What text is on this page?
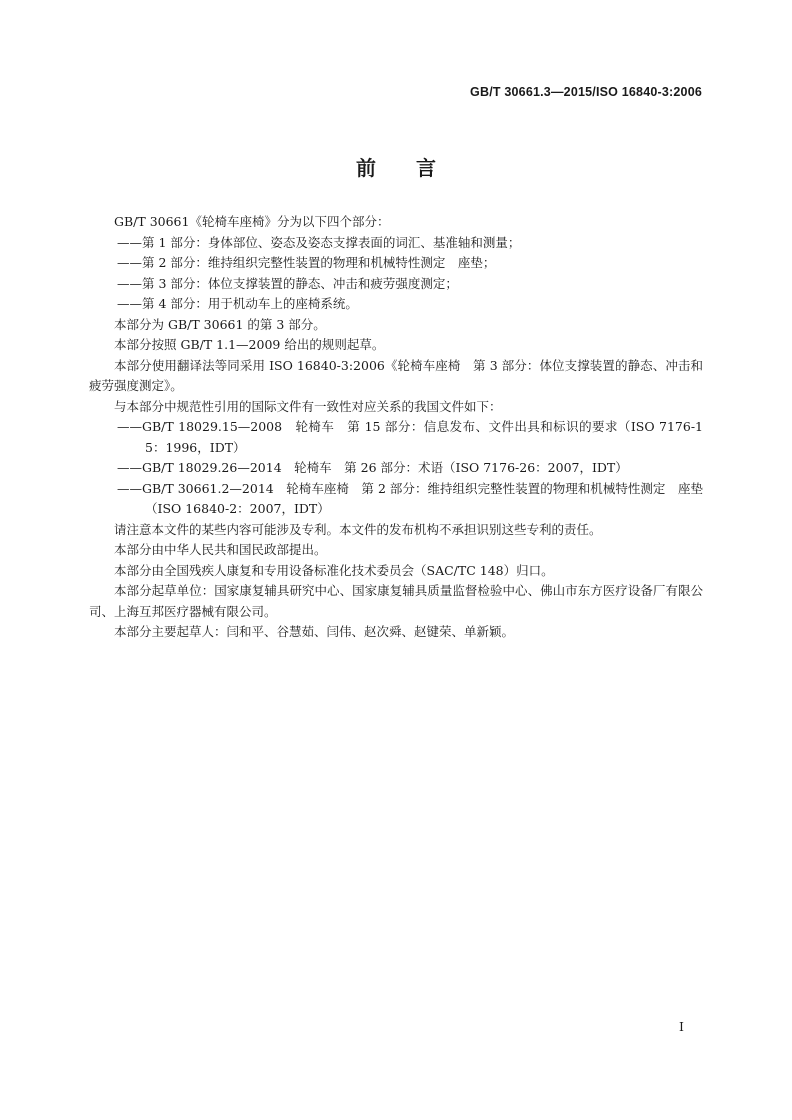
GB/T 30661.3—2015/ISO 16840-3:2006
前 言

GB/T 30661《轮椅车座椅》分为以下四个部分：

——第 1 部分：身体部位、姿态及姿态支撑表面的词汇、基准轴和测量；

——第 2 部分：维持组织完整性装置的物理和机械特性测定　座垫；

——第 3 部分：体位支撑装置的静态、冲击和疲劳强度测定；

——第 4 部分：用于机动车上的座椅系统。

本部分为 GB/T 30661 的第 3 部分。

本部分按照 GB/T 1.1—2009 给出的规则起草。

本部分使用翻译法等同采用 ISO 16840-3:2006《轮椅车座椅　第 3 部分：体位支撑装置的静态、冲击和疲劳强度测定》。

与本部分中规范性引用的国际文件有一致性对应关系的我国文件如下：

——GB/T 18029.15—2008　轮椅车　第 15 部分：信息发布、文件出具和标识的要求（ISO 7176-15：1996，IDT）

——GB/T 18029.26—2014　轮椅车　第 26 部分：术语（ISO 7176-26：2007，IDT）

——GB/T 30661.2—2014　轮椅车座椅　第 2 部分：维持组织完整性装置的物理和机械特性测定　座垫（ISO 16840-2：2007，IDT）

请注意本文件的某些内容可能涉及专利。本文件的发布机构不承担识别这些专利的责任。

本部分由中华人民共和国民政部提出。

本部分由全国残疾人康复和专用设备标准化技术委员会（SAC/TC 148）归口。

本部分起草单位：国家康复辅具研究中心、国家康复辅具质量监督检验中心、佛山市东方医疗设备厂有限公司、上海互邦医疗器械有限公司。

本部分主要起草人：闫和平、谷慧茹、闫伟、赵次舜、赵键荣、单新颖。

I
